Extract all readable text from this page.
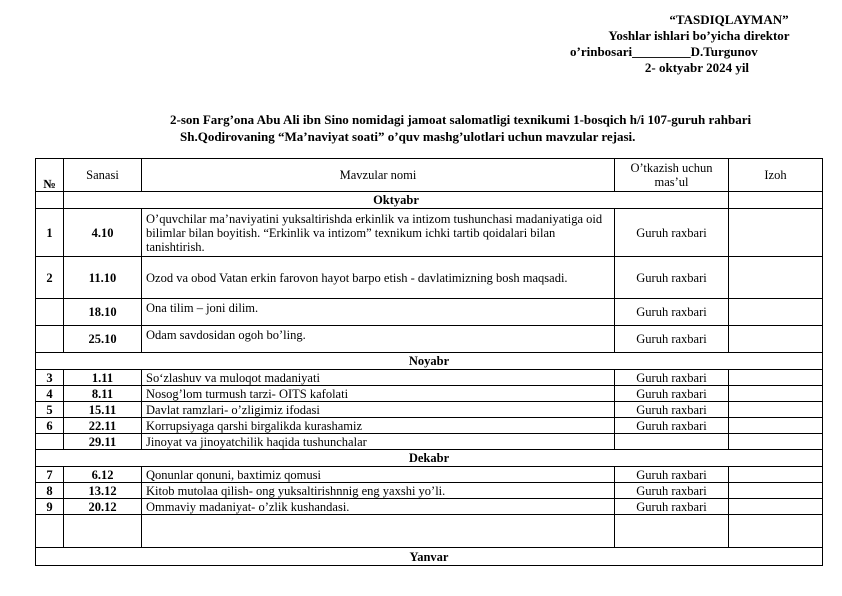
“TASDIQLAYMAN”
Yoshlar ishlari bo’yicha direktor
o’rinbosari_________D.Turgunov
2- oktyabr 2024 yil
2-son Farg’ona Abu Ali ibn Sino nomidagi jamoat salomatligi texnikumi 1-bosqich h/i 107-guruh rahbari
Sh.Qodirovaning “Ma’naviyat soati” o’quv mashg’ulotlari uchun mavzular rejasi.
№	Sanasi	Mavzular nomi	O’tkazish uchun mas’ul	Izoh
	Oktyabr			
1	4.10	O’quvchilar ma’naviyatini yuksaltirishda erkinlik va intizom tushunchasi madaniyatiga oid bilimlar bilan boyitish. “Erkinlik va intizom” texnikum ichki tartib qoidalari bilan tanishtirish.	Guruh raxbari	
2	11.10	Ozod va obod Vatan erkin farovon hayot barpo etish - davlatimizning bosh maqsadi.	Guruh raxbari	
	18.10	Ona tilim – joni dilim.	Guruh raxbari	
	25.10	Odam savdosidan ogoh bo’ling.	Guruh raxbari	
Noyabr				
3	1.11	So‘zlashuv va muloqot madaniyati	Guruh raxbari	
4	8.11	Nosog’lom turmush tarzi- OITS kafolati	Guruh raxbari	
5	15.11	Davlat ramzlari- o’zligimiz ifodasi	Guruh raxbari	
6	22.11	Korrupsiyaga qarshi birgalikda kurashamiz	Guruh raxbari	
	29.11	Jinoyat va jinoyatchilik haqida tushunchalar		
Dekabr				
7	6.12	Qonunlar qonuni, baxtimiz qomusi	Guruh raxbari	
8	13.12	Kitob mutolaa qilish- ong yuksaltirishnnig eng yaxshi yo’li.	Guruh raxbari	
9	20.12	Ommaviy madaniyat- o’zlik kushandasi.	Guruh raxbari	

Yanvar				
